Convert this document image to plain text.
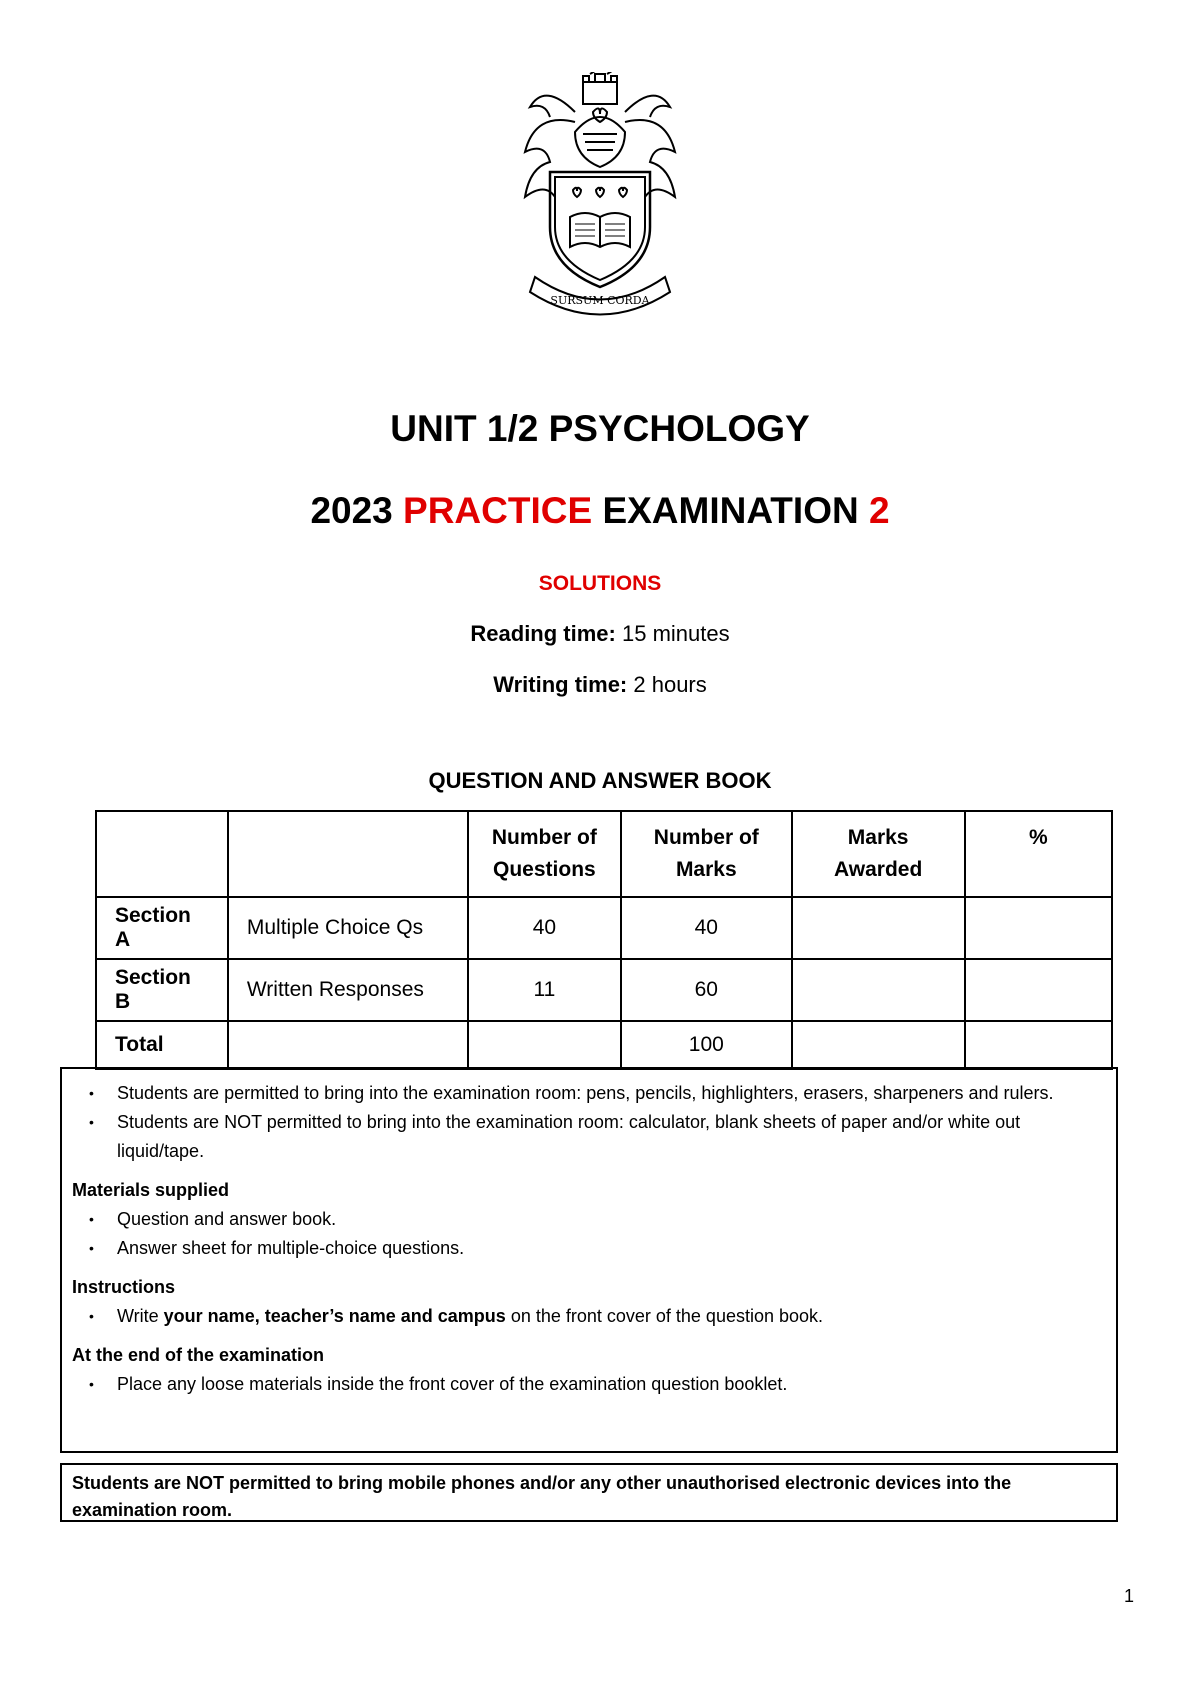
SURSUM CORDA
UNIT 1/2 PSYCHOLOGY
2023 PRACTICE EXAMINATION 2
SOLUTIONS
Reading time: 15 minutes
Writing time: 2 hours
QUESTION AND ANSWER BOOK
		Number of Questions	Number of Marks	Marks Awarded	%
Section A	Multiple Choice Qs	40	40		
Section B	Written Responses	11	60		
Total			100		
• Students are permitted to bring into the examination room: pens, pencils, highlighters, erasers, sharpeners and rulers.
• Students are NOT permitted to bring into the examination room: calculator, blank sheets of paper and/or white out liquid/tape.
Materials supplied
• Question and answer book.
• Answer sheet for multiple-choice questions.
Instructions
• Write your name, teacher’s name and campus on the front cover of the question book.
At the end of the examination
• Place any loose materials inside the front cover of the examination question booklet.
Students are NOT permitted to bring mobile phones and/or any other unauthorised electronic devices into the examination room.
1
